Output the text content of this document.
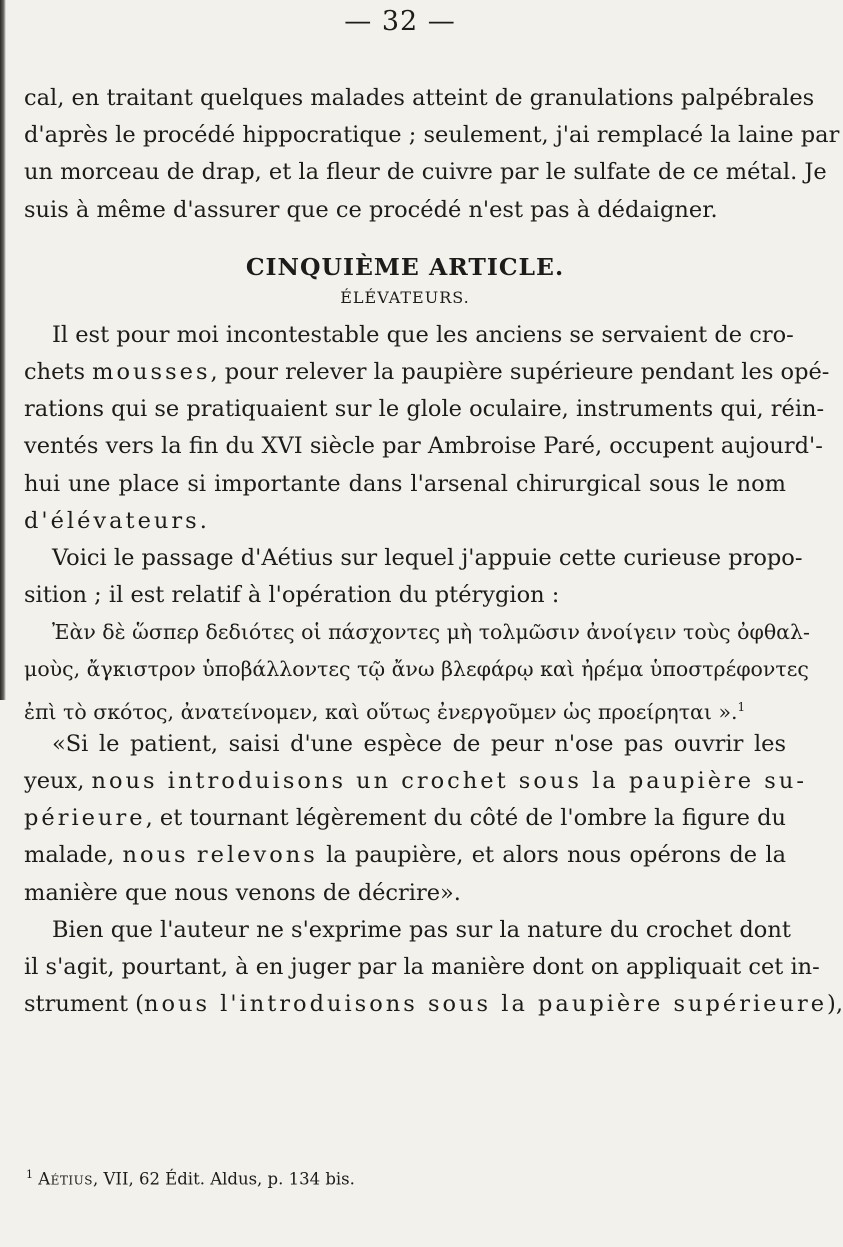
— 32 —
cal, en traitant quelques malades atteint de granulations palpébrales
d'après le procédé hippocratique ; seulement, j'ai remplacé la laine par
un morceau de drap, et la fleur de cuivre par le sulfate de ce métal. Je
suis à même d'assurer que ce procédé n'est pas à dédaigner.
CINQUIÈME ARTICLE.
ÉLÉVATEURS.
Il est pour moi incontestable que les anciens se servaient de cro-
chets mousses, pour relever la paupière supérieure pendant les opé-
rations qui se pratiquaient sur le glole oculaire, instruments qui, réin-
ventés vers la fin du XVI siècle par Ambroise Paré, occupent aujourd'-
hui une place si importante dans l'arsenal chirurgical sous le nom
d'élévateurs.
Voici le passage d'Aétius sur lequel j'appuie cette curieuse propo-
sition ; il est relatif à l'opération du ptérygion :
Ἐὰν δὲ ὥσπερ δεδιότες οἱ πάσχοντες μὴ τολμῶσιν ἀνοίγειν τοὺς ὀφθαλ-
μοὺς, ἄγκιστρον ὑποβάλλοντες τῷ ἄνω βλεφάρῳ καὶ ἠρέμα ὑποστρέφοντες
ἐπὶ τὸ σκότος, ἀνατείνομεν, καὶ οὕτως ἐνεργοῦμεν ὡς προείρηται ».$^1$
«Si le patient, saisi d'une espèce de peur n'ose pas ouvrir les
yeux, nous introduisons un crochet sous la paupière su-
périeure, et tournant légèrement du côté de l'ombre la figure du
malade, nous relevons la paupière, et alors nous opérons de la
manière que nous venons de décrire».
Bien que l'auteur ne s'exprime pas sur la nature du crochet dont
il s'agit, pourtant, à en juger par la manière dont on appliquait cet in-
strument (nous l'introduisons sous la paupière supérieure),
$^1$ Aétius, VII, 62 Édit. Aldus, p. 134 bis.
